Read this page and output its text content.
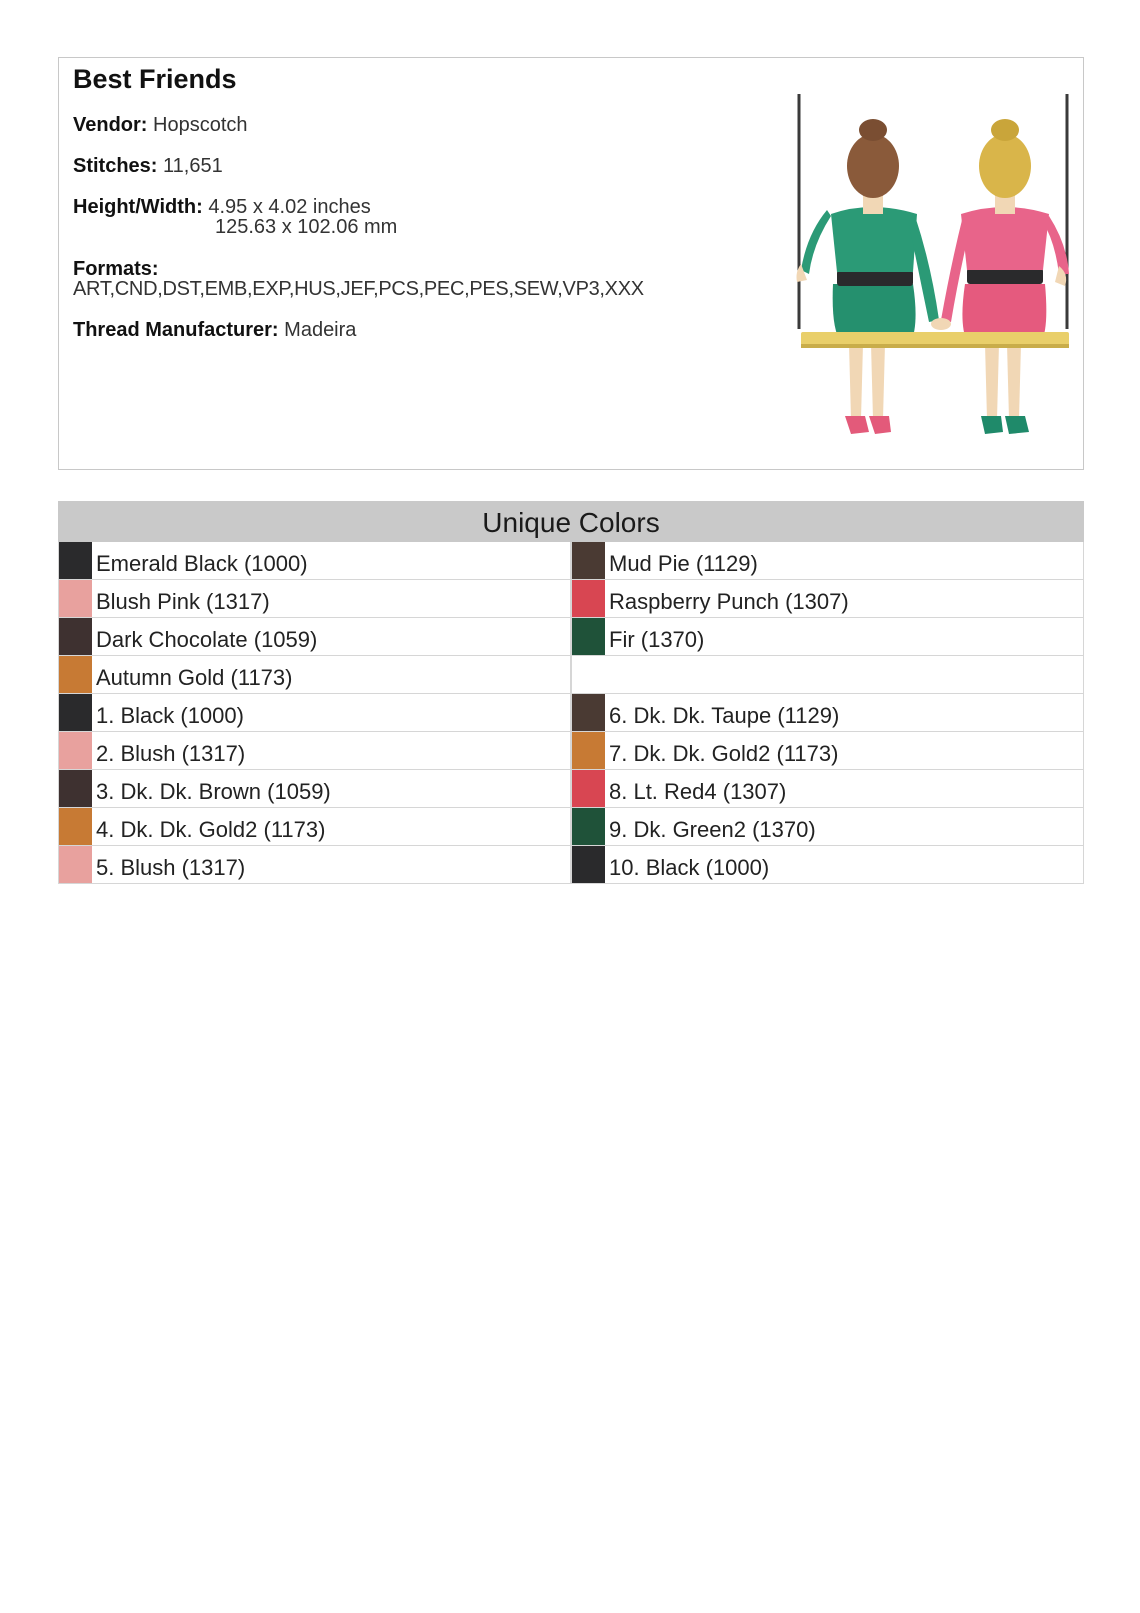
Best Friends
Vendor: Hopscotch
Stitches: 11,651
Height/Width: 4.95 x 4.02 inches
125.63 x 102.06 mm
Formats:
ART,CND,DST,EMB,EXP,HUS,JEF,PCS,PEC,PES,SEW,VP3,XXX
Thread Manufacturer: Madeira
Unique Colors
Emerald Black (1000)
Blush Pink (1317)
Dark Chocolate (1059)
Autumn Gold (1173)
Mud Pie (1129)
Raspberry Punch (1307)
Fir (1370)
1. Black (1000)
2. Blush (1317)
3. Dk. Dk. Brown (1059)
4. Dk. Dk. Gold2 (1173)
5. Blush (1317)
6. Dk. Dk. Taupe (1129)
7. Dk. Dk. Gold2 (1173)
8. Lt. Red4 (1307)
9. Dk. Green2 (1370)
10. Black (1000)
